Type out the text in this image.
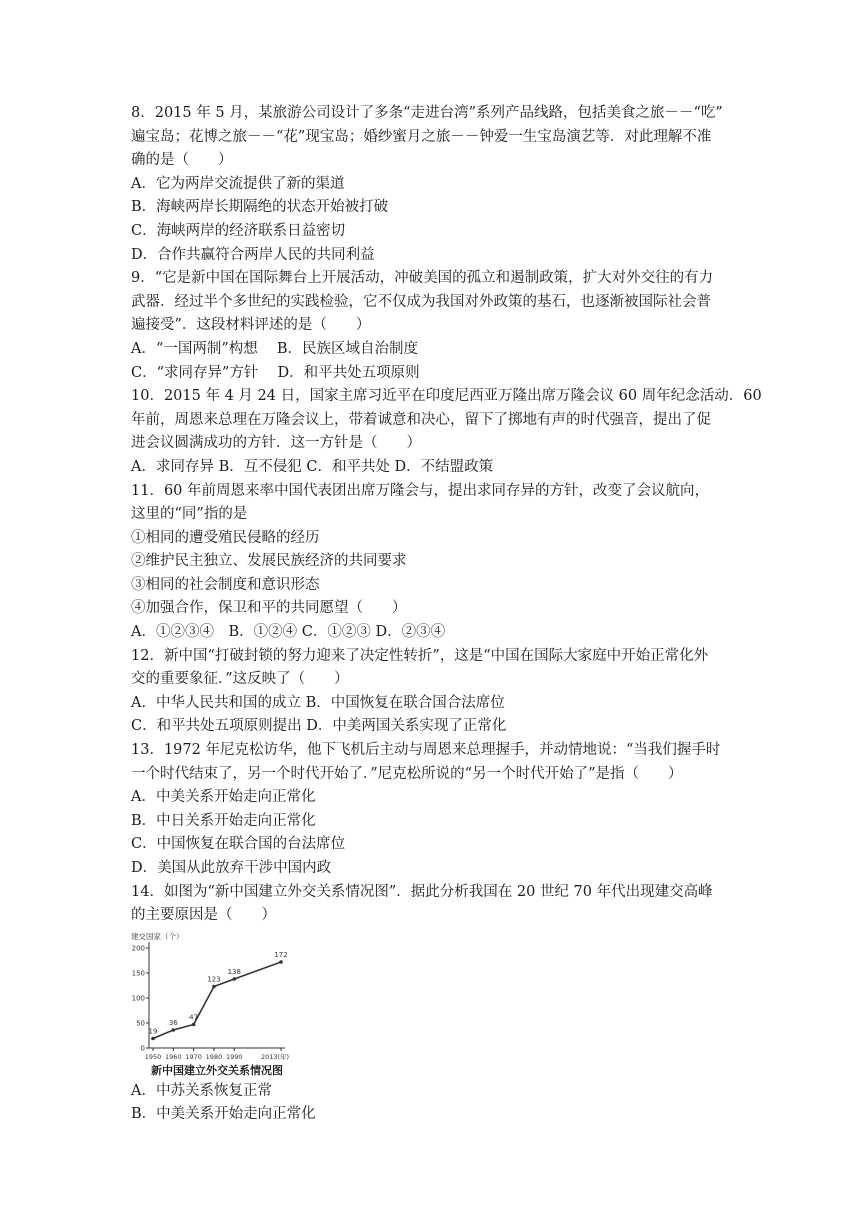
8．2015 年 5 月，某旅游公司设计了多条“走进台湾”系列产品线路，包括美食之旅－－“吃”
遍宝岛；花博之旅－－“花”现宝岛；婚纱蜜月之旅－－钟爱一生宝岛演艺等．对此理解不准
确的是（　　）
A．它为两岸交流提供了新的渠道
B．海峡两岸长期隔绝的状态开始被打破
C．海峡两岸的经济联系日益密切
D．合作共赢符合两岸人民的共同利益
9．“它是新中国在国际舞台上开展活动，冲破美国的孤立和遏制政策，扩大对外交往的有力
武器．经过半个多世纪的实践检验，它不仅成为我国对外政策的基石，也逐渐被国际社会普
遍接受”．这段材料评述的是（　　）
A．“一国两制”构想　 B．民族区域自治制度
C．“求同存异”方针　 D．和平共处五项原则
10．2015 年 4 月 24 日，国家主席习近平在印度尼西亚万隆出席万隆会议 60 周年纪念活动．60
年前，周恩来总理在万隆会议上，带着诚意和决心，留下了掷地有声的时代强音，提出了促
进会议圆满成功的方针．这一方针是（　　）
A．求同存异 B．互不侵犯 C．和平共处 D．不结盟政策
11．60 年前周恩来率中国代表团出席万隆会与，提出求同存异的方针，改变了会议航向，
这里的“同”指的是
①相同的遭受殖民侵略的经历
②维护民主独立、发展民族经济的共同要求
③相同的社会制度和意识形态
④加强合作，保卫和平的共同愿望（　　）
A．①②③④　B．①②④ C．①②③ D．②③④
12．新中国“打破封锁的努力迎来了决定性转折”，这是“中国在国际大家庭中开始正常化外
交的重要象征．”这反映了（　　）
A．中华人民共和国的成立 B．中国恢复在联合国合法席位
C．和平共处五项原则提出 D．中美两国关系实现了正常化
13．1972 年尼克松访华，他下飞机后主动与周恩来总理握手，并动情地说：“当我们握手时
一个时代结束了，另一个时代开始了．”尼克松所说的“另一个时代开始了”是指（　　）
A．中美关系开始走向正常化
B．中日关系开始走向正常化
C．中国恢复在联合国的台法席位
D．美国从此放弃干涉中国内政
14．如图为“新中国建立外交关系情况图”．据此分析我国在 20 世纪 70 年代出现建交高峰
的主要原因是（　　）
建交国家（个）
0
50
100
150
200
1950 1960 1970 1980 1990	2013(年)
19
36
47
123
138
172
新中国建立外交关系情况图
A．中苏关系恢复正常
B．中美关系开始走向正常化
